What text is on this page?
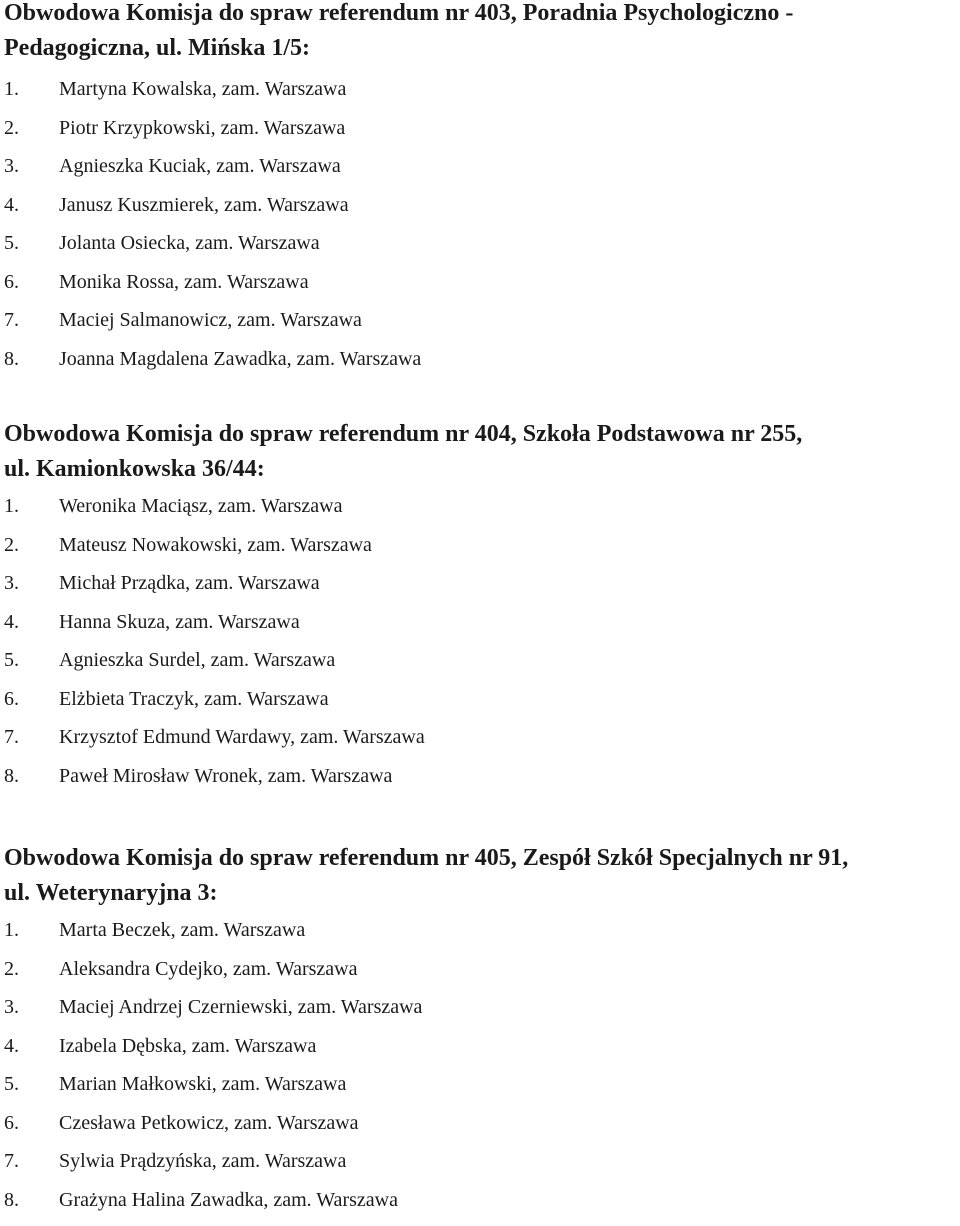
Obwodowa Komisja do spraw referendum nr 403, Poradnia Psychologiczno -
Pedagogiczna, ul. Mińska 1/5:
1.	Martyna Kowalska, zam. Warszawa
2.	Piotr Krzypkowski, zam. Warszawa
3.	Agnieszka Kuciak, zam. Warszawa
4.	Janusz Kuszmierek, zam. Warszawa
5.	Jolanta Osiecka, zam. Warszawa
6.	Monika Rossa, zam. Warszawa
7.	Maciej Salmanowicz, zam. Warszawa
8.	Joanna Magdalena Zawadka, zam. Warszawa
Obwodowa Komisja do spraw referendum nr 404, Szkoła Podstawowa nr 255,
ul. Kamionkowska 36/44:
1.	Weronika Maciąsz, zam. Warszawa
2.	Mateusz Nowakowski, zam. Warszawa
3.	Michał Prządka, zam. Warszawa
4.	Hanna Skuza, zam. Warszawa
5.	Agnieszka Surdel, zam. Warszawa
6.	Elżbieta Traczyk, zam. Warszawa
7.	Krzysztof Edmund Wardawy, zam. Warszawa
8.	Paweł Mirosław Wronek, zam. Warszawa
Obwodowa Komisja do spraw referendum nr 405, Zespół Szkół Specjalnych nr 91,
ul. Weterynaryjna 3:
1.	Marta Beczek, zam. Warszawa
2.	Aleksandra Cydejko, zam. Warszawa
3.	Maciej Andrzej Czerniewski, zam. Warszawa
4.	Izabela Dębska, zam. Warszawa
5.	Marian Małkowski, zam. Warszawa
6.	Czesława Petkowicz, zam. Warszawa
7.	Sylwia Prądzyńska, zam. Warszawa
8.	Grażyna Halina Zawadka, zam. Warszawa
